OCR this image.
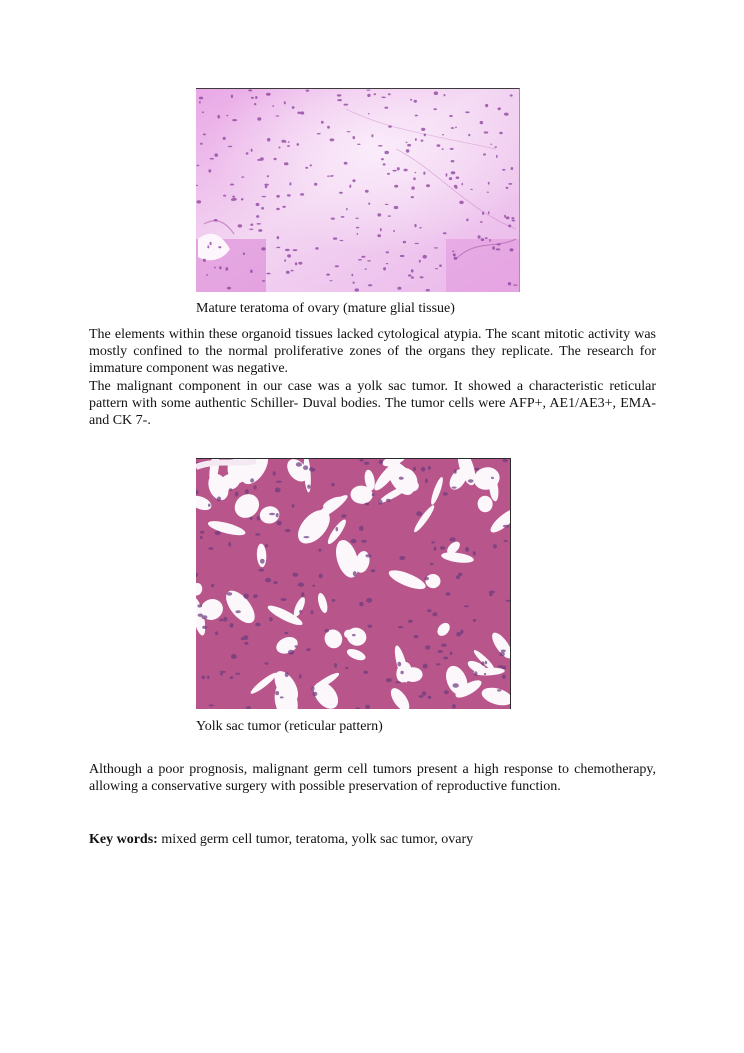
Mature teratoma of ovary (mature glial tissue)

The elements within these organoid tissues lacked cytological atypia. The scant mitotic activity was mostly confined to the normal proliferative zones of the organs they replicate. The research for immature component was negative.
The malignant component in our case was a yolk sac tumor. It showed a characteristic reticular pattern with some authentic Schiller- Duval bodies. The tumor cells were AFP+, AE1/AE3+, EMA- and CK 7-.

Yolk sac tumor (reticular pattern)

Although a poor prognosis, malignant germ cell tumors present a high response to chemotherapy, allowing a conservative surgery with possible preservation of reproductive function.

Key words: mixed germ cell tumor, teratoma, yolk sac tumor, ovary
